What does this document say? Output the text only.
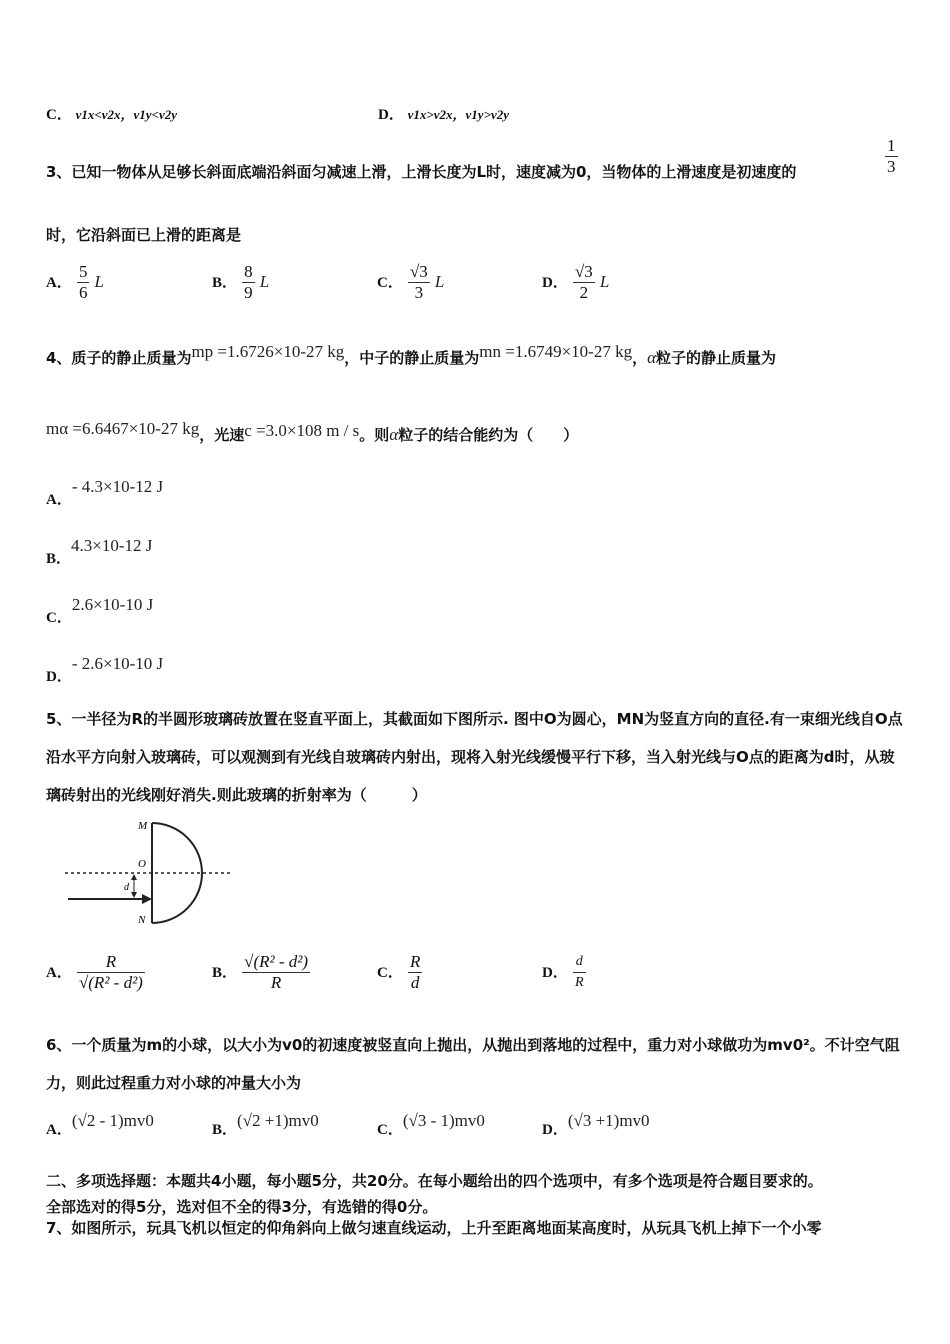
C． v1x<v2x，v1y<v2y	D． v1x>v2x，v1y>v2y
3、已知一物体从足够长斜面底端沿斜面匀减速上滑，上滑长度为L时，速度减为0，当物体的上滑速度是初速度的	$\frac{1}{3}$
时，它沿斜面已上滑的距离是
A． $\frac{5}{6}$ L	B． $\frac{8}{9}$ L	C． $\frac{√3}{3}$ L	D． $\frac{√3}{2}$ L
4、质子的静止质量为mp =1.6726×10-27 kg，中子的静止质量为mn =1.6749×10-27 kg，α粒子的静止质量为
mα =6.6467×10-27 kg，光速c =3.0×108 m / s。则α粒子的结合能约为（　　）
A．- 4.3×10-12 J
B．4.3×10-12 J
C．2.6×10-10 J
D．- 2.6×10-10 J
5、一半径为R的半圆形玻璃砖放置在竖直平面上，其截面如下图所示. 图中O为圆心，MN为竖直方向的直径.有一束细光线自O点沿水平方向射入玻璃砖，可以观测到有光线自玻璃砖内射出，现将入射光线缓慢平行下移，当入射光线与O点的距离为d时，从玻璃砖射出的光线刚好消失.则此玻璃的折射率为（　　　）
M
O
d
N
A． $\frac{R}{\text{√(R² - d²)}}$	B． $\frac{\text{√(R² - d²)}}{R}$	C． $\frac{R}{d}$	D． $\frac{d}{R}$
6、一个质量为m的小球，以大小为v0的初速度被竖直向上抛出，从抛出到落地的过程中，重力对小球做功为mv0²。不计空气阻力，则此过程重力对小球的冲量大小为
A．(√2 - 1)mv0	B．(√2 +1)mv0	C．(√3 - 1)mv0	D．(√3 +1)mv0
二、多项选择题：本题共4小题，每小题5分，共20分。在每小题给出的四个选项中，有多个选项是符合题目要求的。
全部选对的得5分，选对但不全的得3分，有选错的得0分。
7、如图所示，玩具飞机以恒定的仰角斜向上做匀速直线运动，上升至距离地面某高度时，从玩具飞机上掉下一个小零
